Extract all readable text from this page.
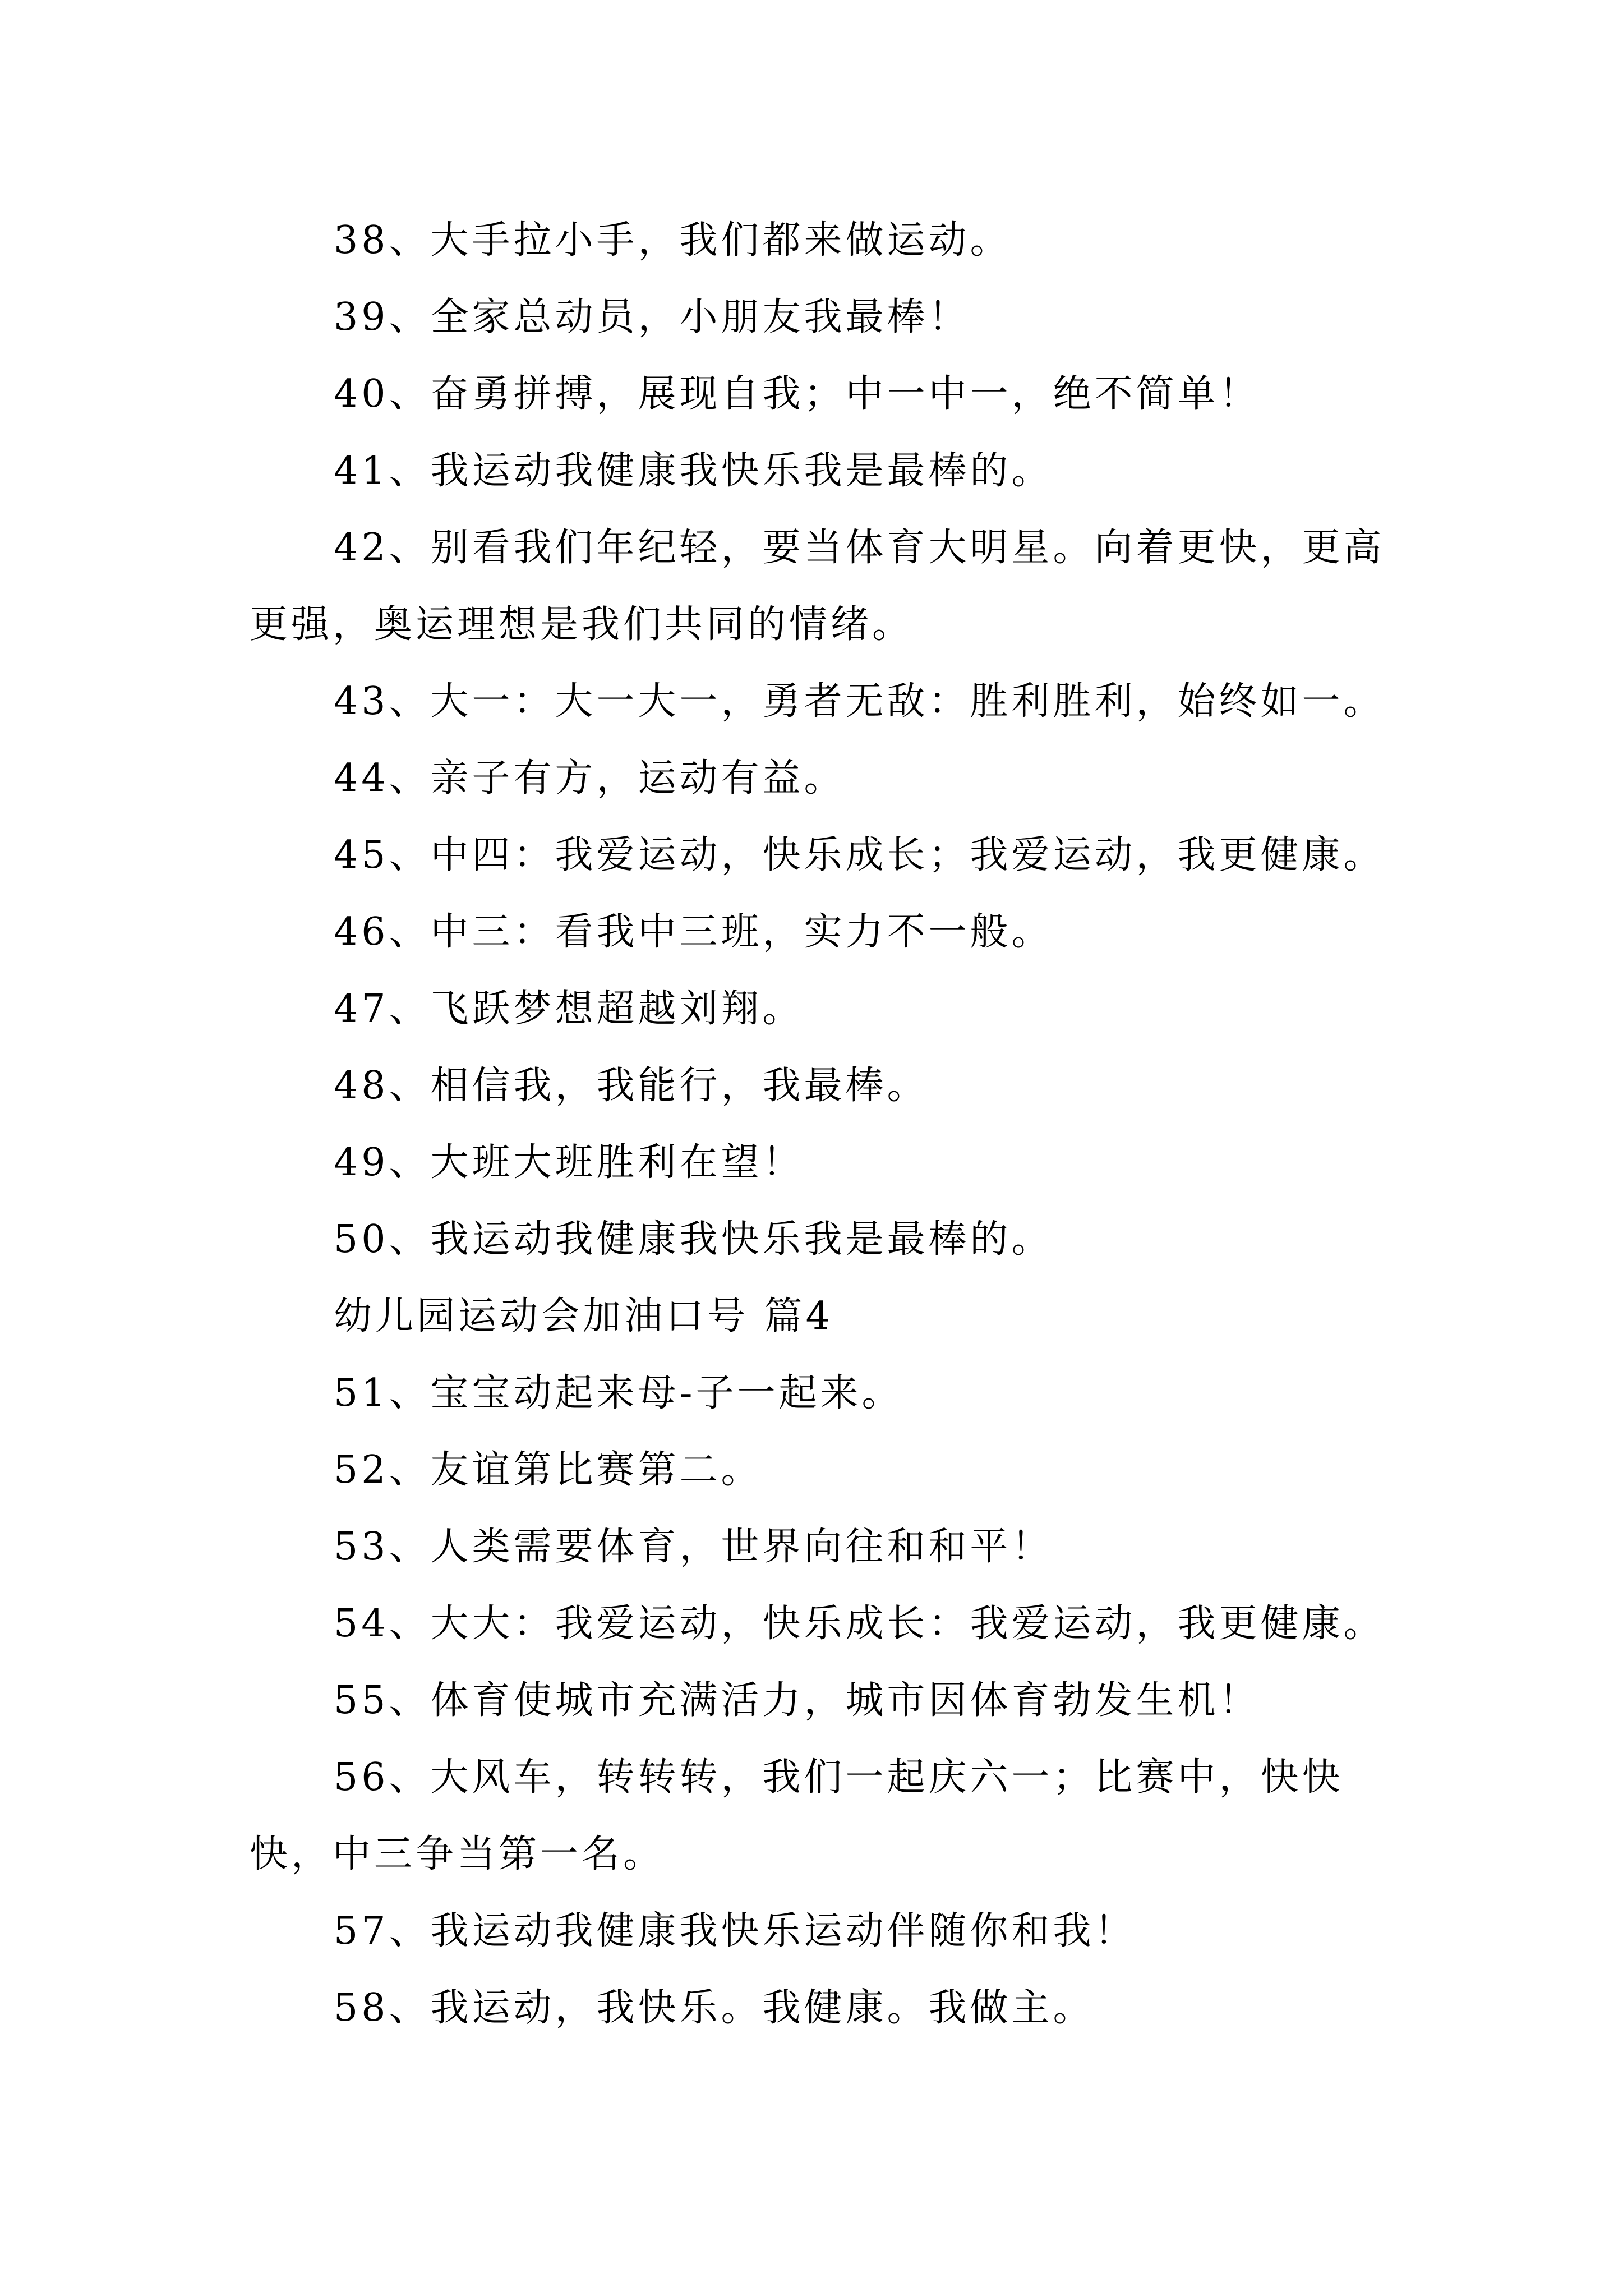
38、大手拉小手，我们都来做运动。

39、全家总动员，小朋友我最棒！

40、奋勇拼搏，展现自我；中一中一，绝不简单！

41、我运动我健康我快乐我是最棒的。

42、别看我们年纪轻，要当体育大明星。向着更快，更高更强，奥运理想是我们共同的情绪。

43、大一：大一大一，勇者无敌：胜利胜利，始终如一。

44、亲子有方，运动有益。

45、中四：我爱运动，快乐成长；我爱运动，我更健康。

46、中三：看我中三班，实力不一般。

47、飞跃梦想超越刘翔。

48、相信我，我能行，我最棒。

49、大班大班胜利在望！

50、我运动我健康我快乐我是最棒的。

幼儿园运动会加油口号 篇4

51、宝宝动起来母-子一起来。

52、友谊第比赛第二。

53、人类需要体育，世界向往和和平！

54、大大：我爱运动，快乐成长：我爱运动，我更健康。

55、体育使城市充满活力，城市因体育勃发生机！

56、大风车，转转转，我们一起庆六一；比赛中，快快快，中三争当第一名。

57、我运动我健康我快乐运动伴随你和我！

58、我运动，我快乐。我健康。我做主。
